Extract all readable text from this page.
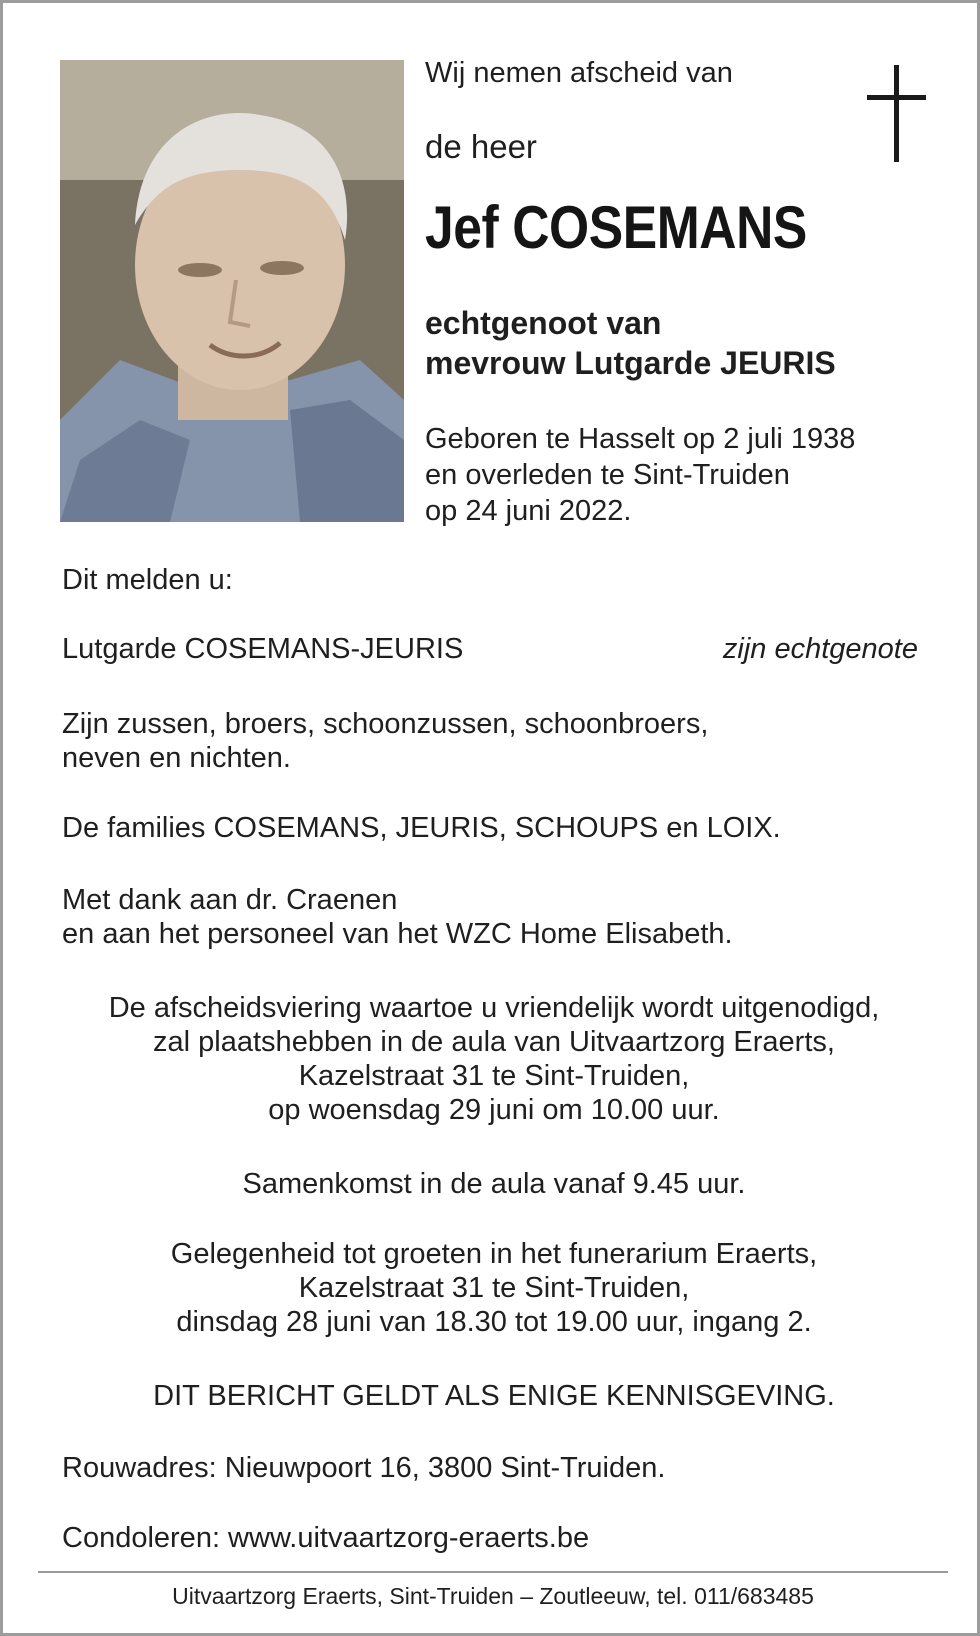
Wij nemen afscheid van

de heer

Jef COSEMANS

echtgenoot van
mevrouw Lutgarde JEURIS

Geboren te Hasselt op 2 juli 1938
en overleden te Sint-Truiden
op 24 juni 2022.

Dit melden u:

Lutgarde COSEMANS-JEURIS	zijn echtgenote

Zijn zussen, broers, schoonzussen, schoonbroers,
neven en nichten.

De families COSEMANS, JEURIS, SCHOUPS en LOIX.

Met dank aan dr. Craenen
en aan het personeel van het WZC Home Elisabeth.

De afscheidsviering waartoe u vriendelijk wordt uitgenodigd,
zal plaatshebben in de aula van Uitvaartzorg Eraerts,
Kazelstraat 31 te Sint-Truiden,
op woensdag 29 juni om 10.00 uur.

Samenkomst in de aula vanaf 9.45 uur.

Gelegenheid tot groeten in het funerarium Eraerts,
Kazelstraat 31 te Sint-Truiden,
dinsdag 28 juni van 18.30 tot 19.00 uur, ingang 2.

DIT BERICHT GELDT ALS ENIGE KENNISGEVING.

Rouwadres: Nieuwpoort 16, 3800 Sint-Truiden.

Condoleren: www.uitvaartzorg-eraerts.be

Uitvaartzorg Eraerts, Sint-Truiden – Zoutleeuw, tel. 011/683485
